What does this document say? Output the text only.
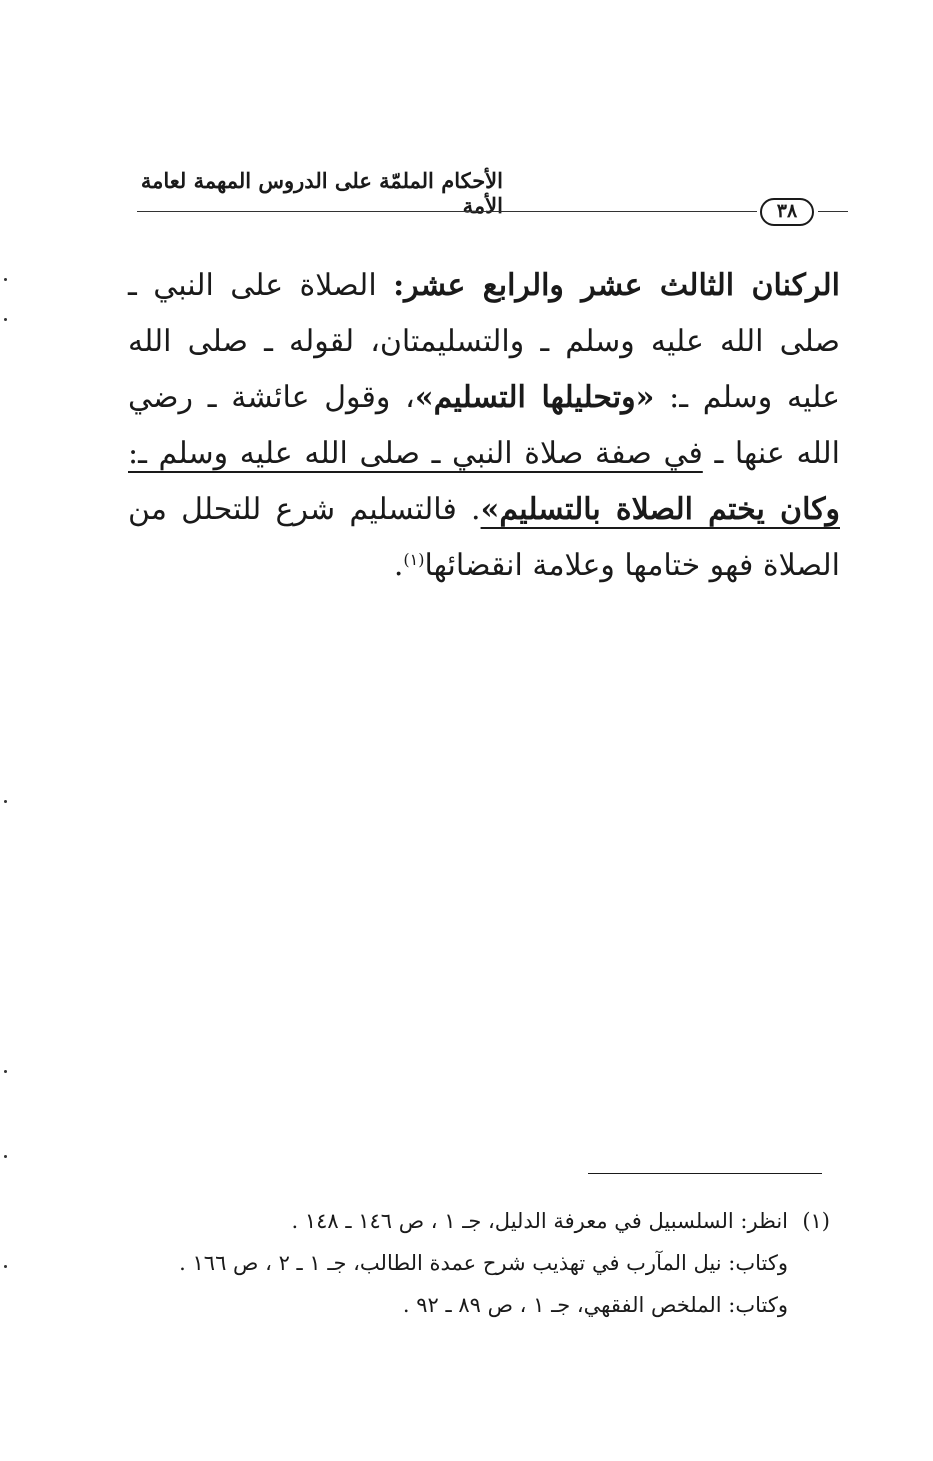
الأحكام الملمّة على الدروس المهمة لعامة الأمة	٣٨
الركنان الثالث عشر والرابع عشر: الصلاة على النبي ـ صلى الله عليه وسلم ـ والتسليمتان، لقوله ـ صلى الله عليه وسلم ـ: «وتحليلها التسليم»، وقول عائشة ـ رضي الله عنها ـ في صفة صلاة النبي ـ صلى الله عليه وسلم ـ: وكان يختم الصلاة بالتسليم». فالتسليم شرع للتحلل من الصلاة فهو ختامها وعلامة انقضائها$^{(١)}$.
(١)انظر: السلسبيل في معرفة الدليل، جـ ١ ، ص ١٤٦ ـ ١٤٨ .
وكتاب: نيل المآرب في تهذيب شرح عمدة الطالب، جـ ١ ـ ٢ ، ص ١٦٦ .
وكتاب: الملخص الفقهي، جـ ١ ، ص ٨٩ ـ ٩٢ .
